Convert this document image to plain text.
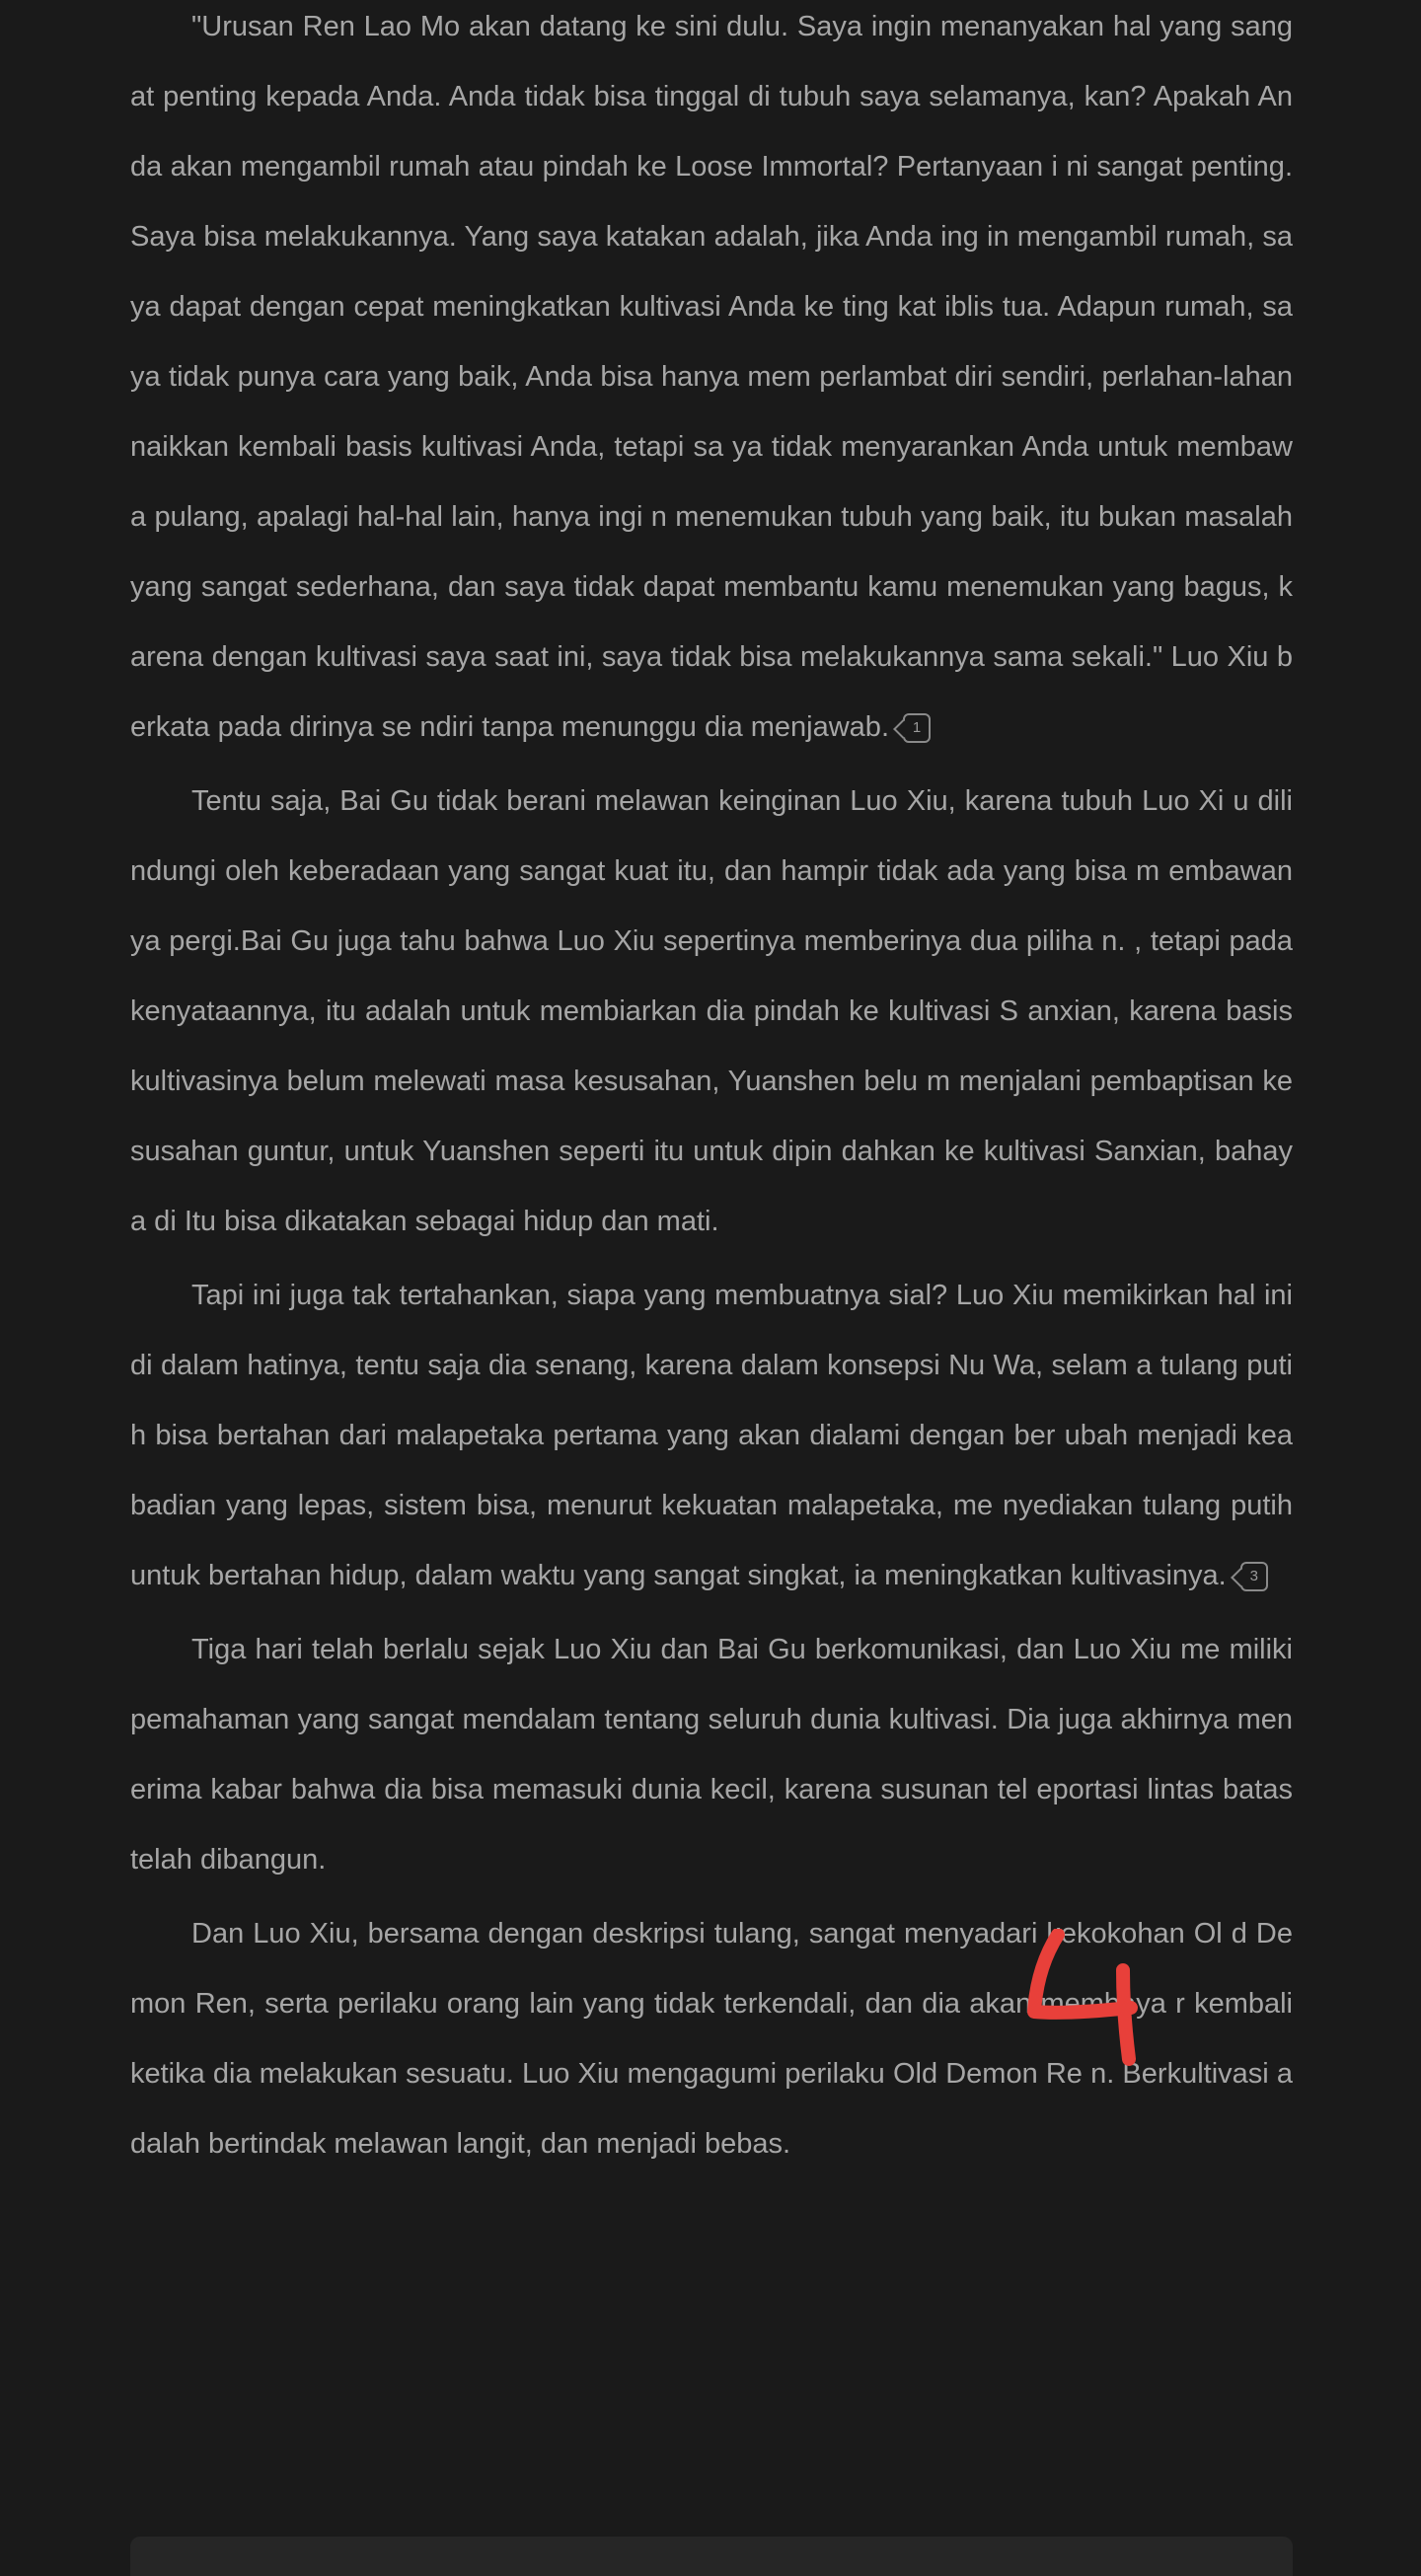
"Urusan Ren Lao Mo akan datang ke sini dulu. Saya ingin menanyakan hal yang sangat penting kepada Anda. Anda tidak bisa tinggal di tubuh saya selamanya, kan? Apakah Anda akan mengambil rumah atau pindah ke Loose Immortal? Pertanyaan i ni sangat penting. Saya bisa melakukannya. Yang saya katakan adalah, jika Anda ing in mengambil rumah, saya dapat dengan cepat meningkatkan kultivasi Anda ke ting kat iblis tua. Adapun rumah, saya tidak punya cara yang baik, Anda bisa hanya mem perlambat diri sendiri, perlahan-lahan naikkan kembali basis kultivasi Anda, tetapi sa ya tidak menyarankan Anda untuk membawa pulang, apalagi hal-hal lain, hanya ingi n menemukan tubuh yang baik, itu bukan masalah yang sangat sederhana, dan saya tidak dapat membantu kamu menemukan yang bagus, karena dengan kultivasi saya saat ini, saya tidak bisa melakukannya sama sekali." Luo Xiu berkata pada dirinya se ndiri tanpa menunggu dia menjawab. 1

Tentu saja, Bai Gu tidak berani melawan keinginan Luo Xiu, karena tubuh Luo Xi u dilindungi oleh keberadaan yang sangat kuat itu, dan hampir tidak ada yang bisa m embawanya pergi.Bai Gu juga tahu bahwa Luo Xiu sepertinya memberinya dua piliha n. , tetapi pada kenyataannya, itu adalah untuk membiarkan dia pindah ke kultivasi S anxian, karena basis kultivasinya belum melewati masa kesusahan, Yuanshen belu m menjalani pembaptisan kesusahan guntur, untuk Yuanshen seperti itu untuk dipin dahkan ke kultivasi Sanxian, bahaya di Itu bisa dikatakan sebagai hidup dan mati.

Tapi ini juga tak tertahankan, siapa yang membuatnya sial? Luo Xiu memikirkan hal ini di dalam hatinya, tentu saja dia senang, karena dalam konsepsi Nu Wa, selam a tulang putih bisa bertahan dari malapetaka pertama yang akan dialami dengan ber ubah menjadi keabadian yang lepas, sistem bisa, menurut kekuatan malapetaka, me nyediakan tulang putih untuk bertahan hidup, dalam waktu yang sangat singkat, ia meningkatkan kultivasinya. 3

Tiga hari telah berlalu sejak Luo Xiu dan Bai Gu berkomunikasi, dan Luo Xiu me miliki pemahaman yang sangat mendalam tentang seluruh dunia kultivasi. Dia juga akhirnya menerima kabar bahwa dia bisa memasuki dunia kecil, karena susunan tel eportasi lintas batas telah dibangun.

Dan Luo Xiu, bersama dengan deskripsi tulang, sangat menyadari kekokohan Ol d Demon Ren, serta perilaku orang lain yang tidak terkendali, dan dia akan membaya r kembali ketika dia melakukan sesuatu. Luo Xiu mengagumi perilaku Old Demon Re n. Berkultivasi adalah bertindak melawan langit, dan menjadi bebas.
